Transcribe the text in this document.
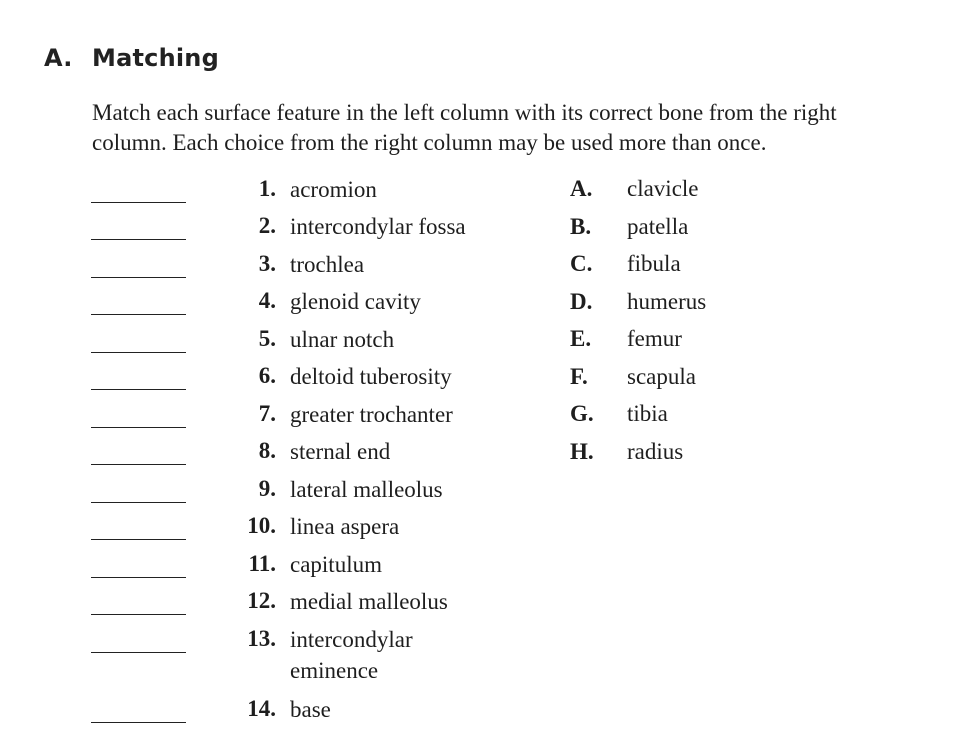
A. Matching
Match each surface feature in the left column with its correct bone from the right
column. Each choice from the right column may be used more than once.
1. acromion
2. intercondylar fossa
3. trochlea
4. glenoid cavity
5. ulnar notch
6. deltoid tuberosity
7. greater trochanter
8. sternal end
9. lateral malleolus
10. linea aspera
11. capitulum
12. medial malleolus
13. intercondylar
eminence
14. base
A. clavicle
B. patella
C. fibula
D. humerus
E. femur
F. scapula
G. tibia
H. radius
